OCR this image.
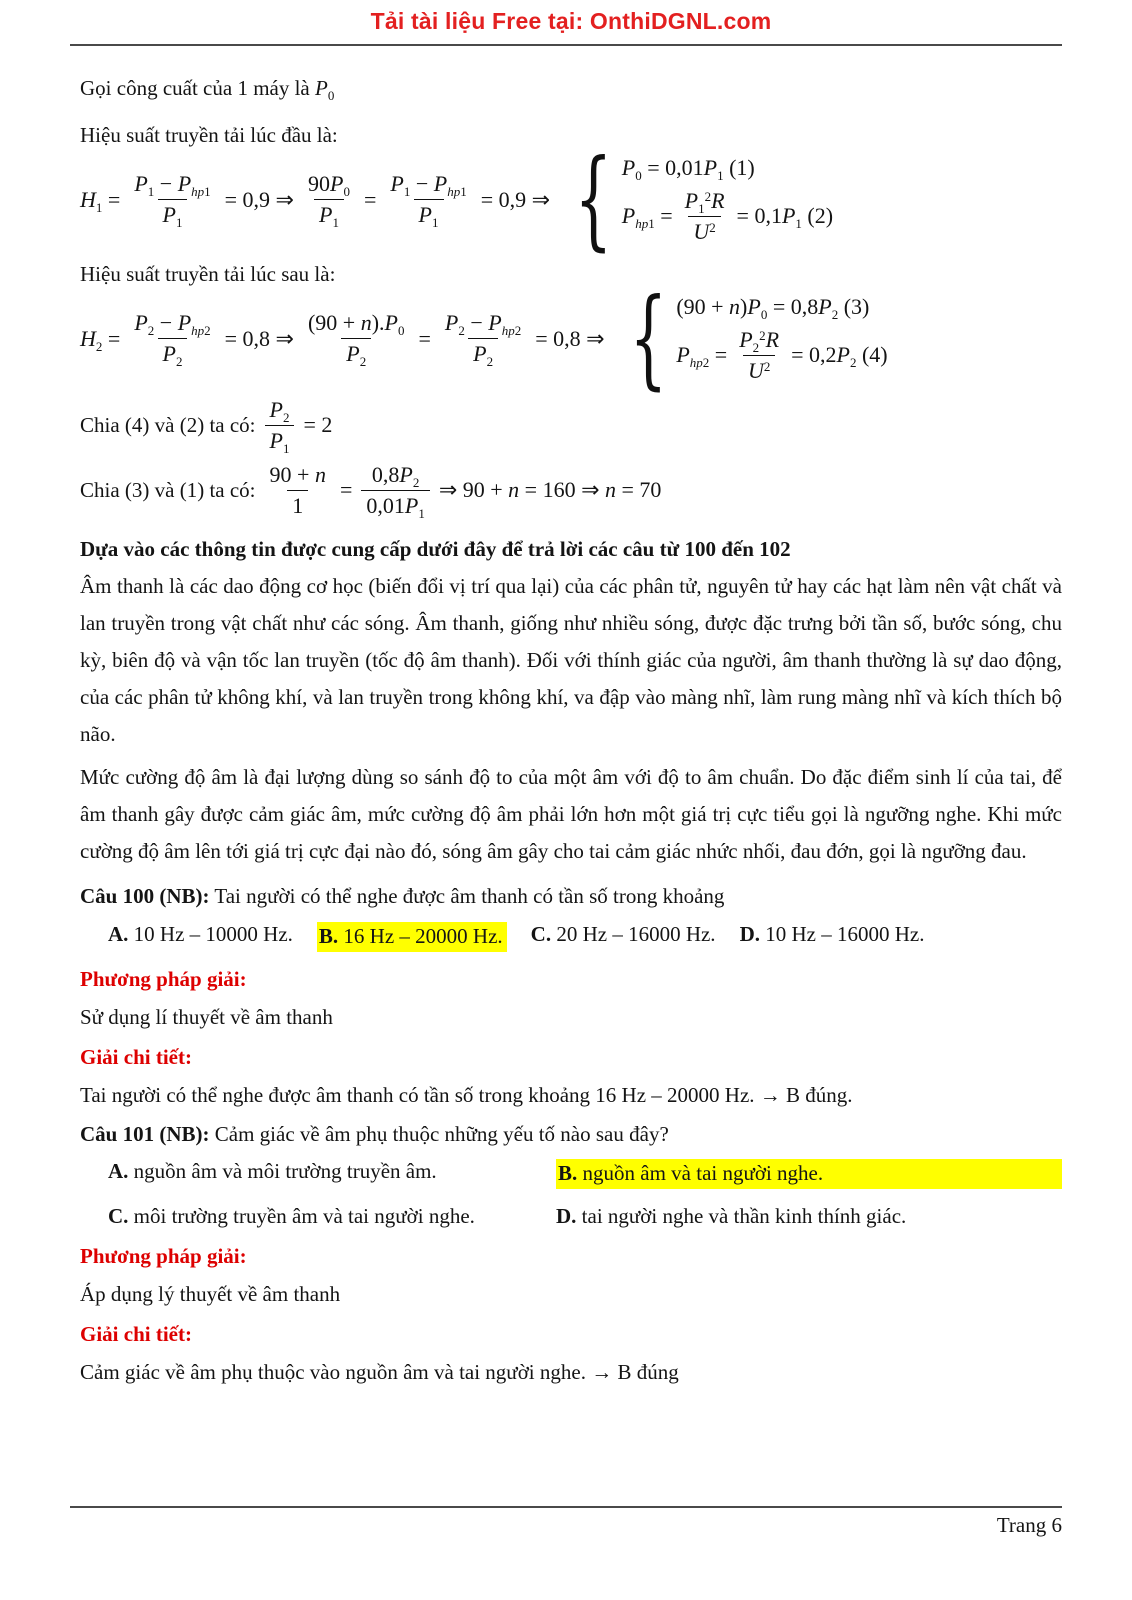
Tải tài liệu Free tại: OnthiDGNL.com
Gọi công cuất của 1 máy là $P_0$
Hiệu suất truyền tải lúc đầu là:
$H_1 = \frac{P_1 - P_{hp1}}{P_1} = 0,9$ ⇒ $\frac{90P_0}{P_1} = \frac{P_1 - P_{hp1}}{P_1} = 0,9$ ⇒ { $P_0 = 0,01P_1$ (1)
$P_{hp1} = \frac{P_1^2R}{U^2} = 0,1P_1$ (2)
Hiệu suất truyền tải lúc sau là:
$H_2 = \frac{P_2 - P_{hp2}}{P_2} = 0,8$ ⇒ $\frac{(90 + n).P_0}{P_2} = \frac{P_2 - P_{hp2}}{P_2} = 0,8$ ⇒ { $(90 + n)P_0 = 0,8P_2$ (3)
$P_{hp2} = \frac{P_2^2R}{U^2} = 0,2P_2$ (4)
Chia (4) và (2) ta có: $\frac{P_2}{P_1} = 2$
Chia (3) và (1) ta có: $\frac{90 + n}{1} = \frac{0,8P_2}{0,01P_1}$ ⇒ 90 + n = 160 ⇒ n = 70
Dựa vào các thông tin được cung cấp dưới đây để trả lời các câu từ 100 đến 102
Âm thanh là các dao động cơ học (biến đổi vị trí qua lại) của các phân tử, nguyên tử hay các hạt làm nên vật chất và lan truyền trong vật chất như các sóng. Âm thanh, giống như nhiều sóng, được đặc trưng bởi tần số, bước sóng, chu kỳ, biên độ và vận tốc lan truyền (tốc độ âm thanh). Đối với thính giác của người, âm thanh thường là sự dao động, của các phân tử không khí, và lan truyền trong không khí, va đập vào màng nhĩ, làm rung màng nhĩ và kích thích bộ não.
Mức cường độ âm là đại lượng dùng so sánh độ to của một âm với độ to âm chuẩn. Do đặc điểm sinh lí của tai, để âm thanh gây được cảm giác âm, mức cường độ âm phải lớn hơn một giá trị cực tiểu gọi là ngưỡng nghe. Khi mức cường độ âm lên tới giá trị cực đại nào đó, sóng âm gây cho tai cảm giác nhức nhối, đau đớn, gọi là ngưỡng đau.
Câu 100 (NB): Tai người có thể nghe được âm thanh có tần số trong khoảng
A. 10 Hz – 10000 Hz. B. 16 Hz – 20000 Hz. C. 20 Hz – 16000 Hz. D. 10 Hz – 16000 Hz.
Phương pháp giải:
Sử dụng lí thuyết về âm thanh
Giải chi tiết:
Tai người có thể nghe được âm thanh có tần số trong khoảng 16 Hz – 20000 Hz. → B đúng.
Câu 101 (NB): Cảm giác về âm phụ thuộc những yếu tố nào sau đây?
A. nguồn âm và môi trường truyền âm.	B. nguồn âm và tai người nghe.
C. môi trường truyền âm và tai người nghe.	D. tai người nghe và thần kinh thính giác.
Phương pháp giải:
Áp dụng lý thuyết về âm thanh
Giải chi tiết:
Cảm giác về âm phụ thuộc vào nguồn âm và tai người nghe. → B đúng
Trang 6
